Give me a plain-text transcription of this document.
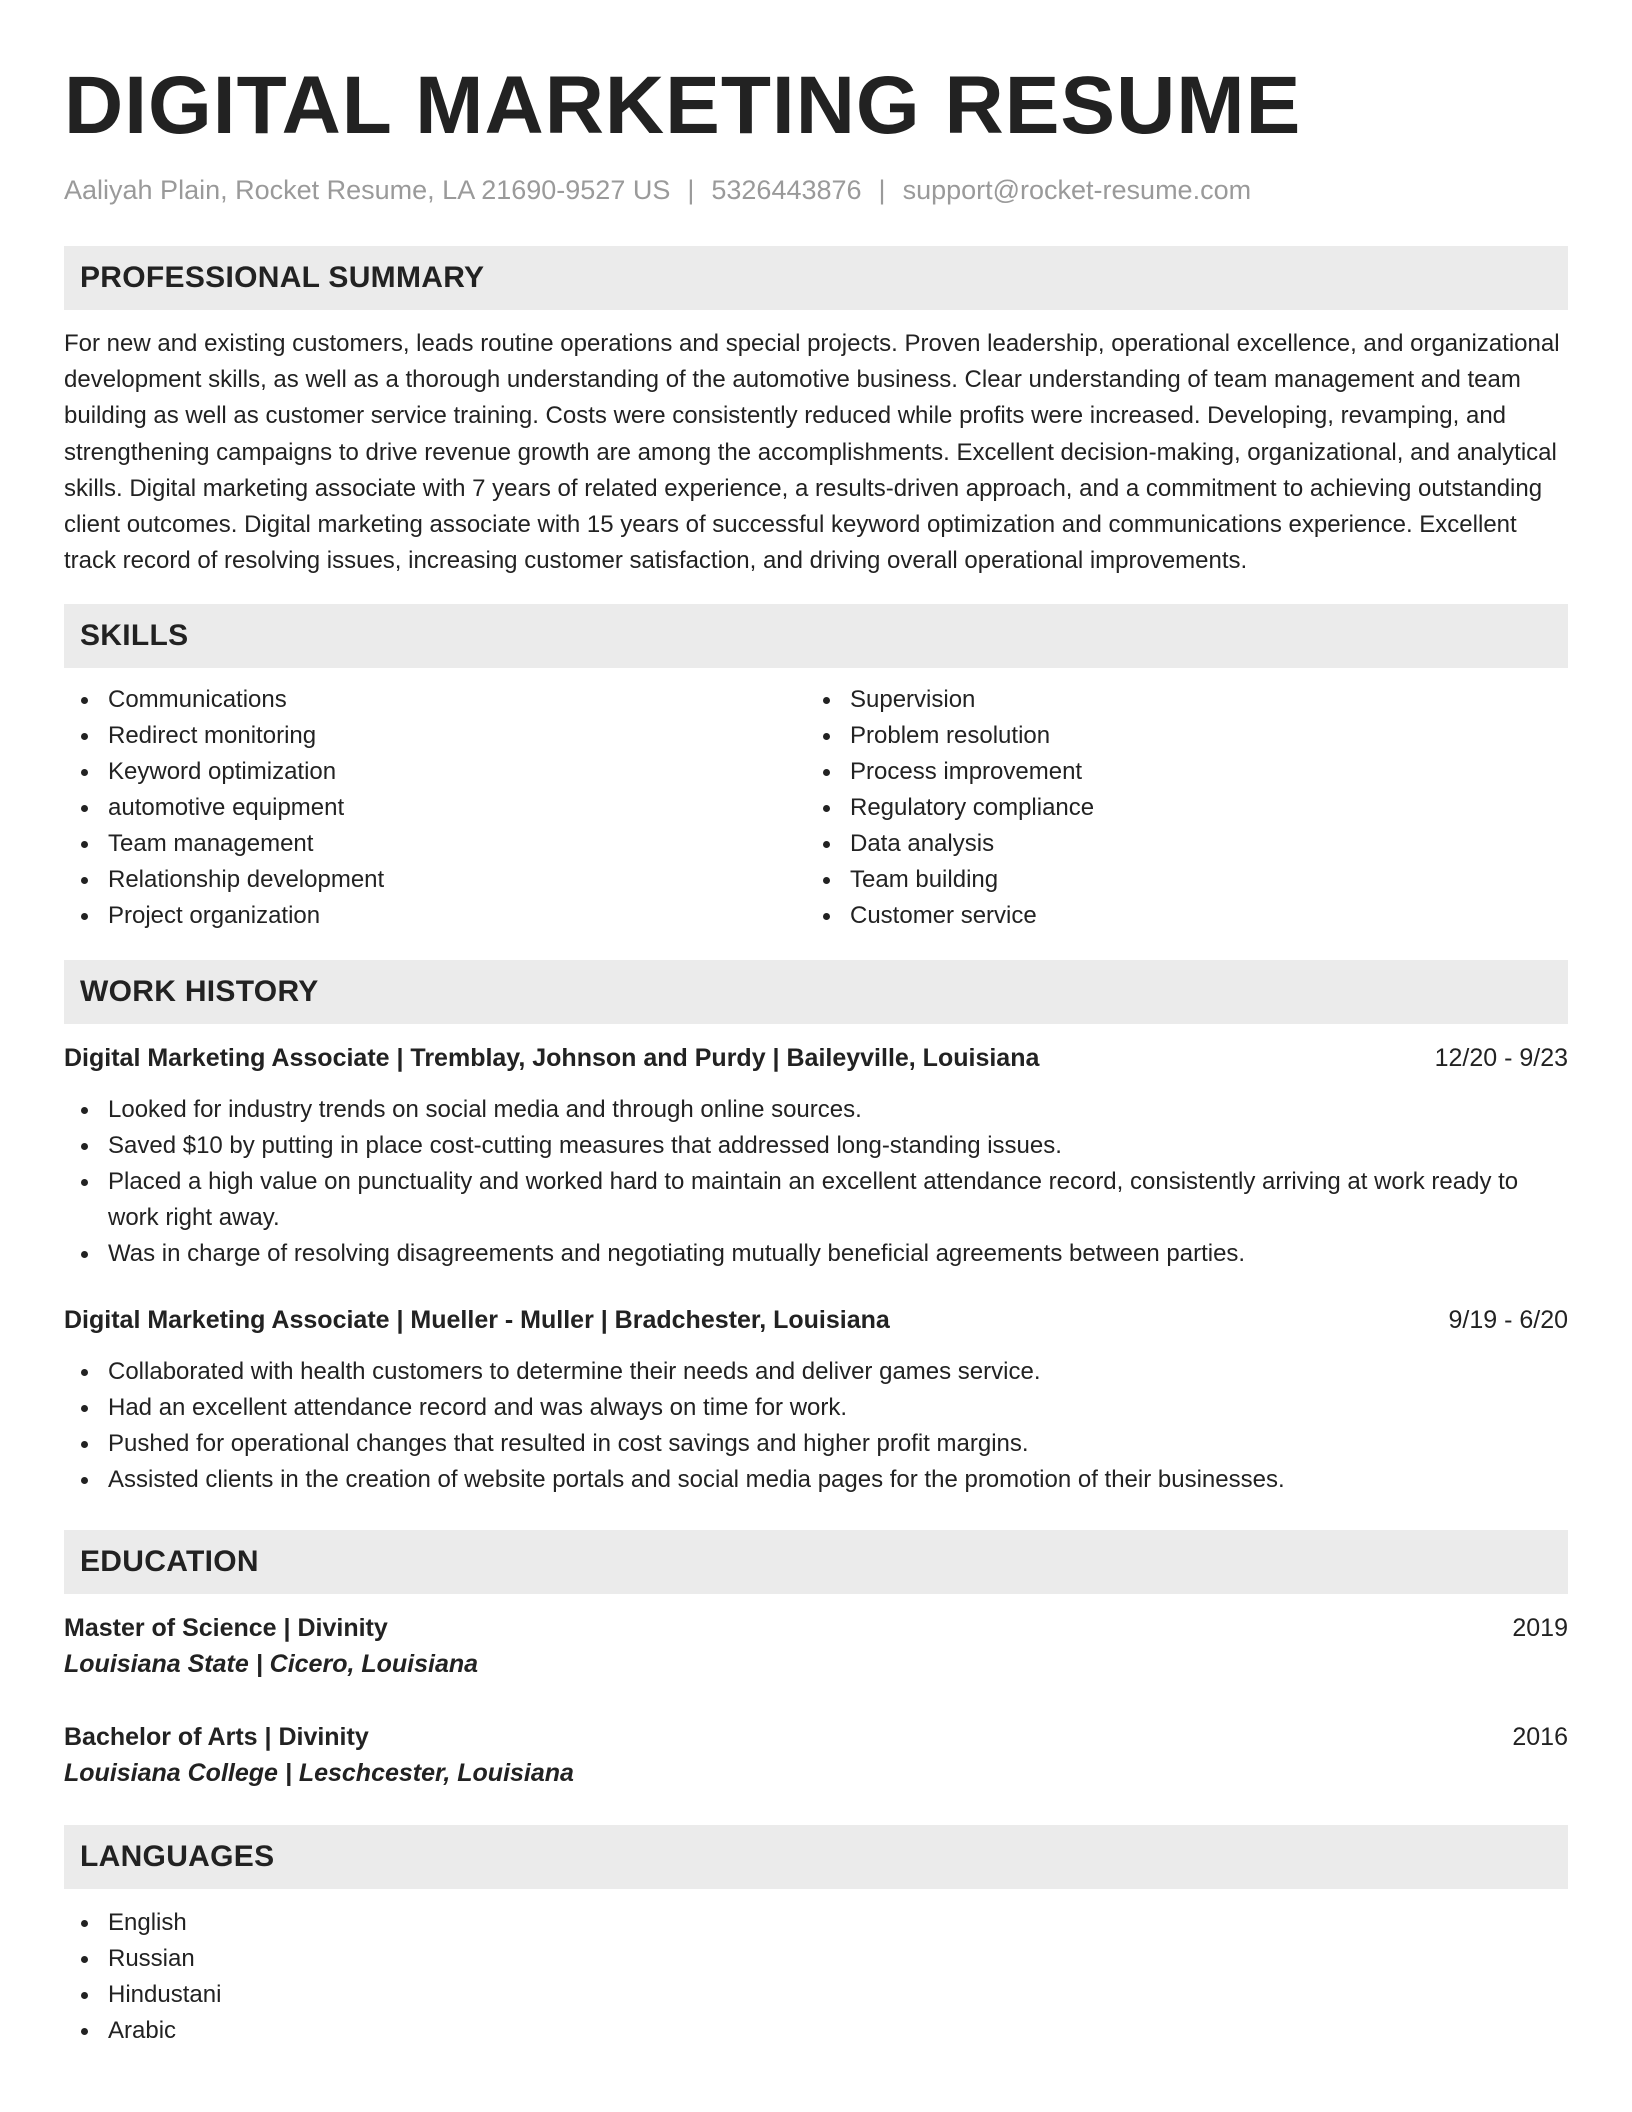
DIGITAL MARKETING RESUME
Aaliyah Plain, Rocket Resume, LA 21690-9527 US | 5326443876 | support@rocket-resume.com
PROFESSIONAL SUMMARY

For new and existing customers, leads routine operations and special projects. Proven leadership, operational excellence, and organizational development skills, as well as a thorough understanding of the automotive business. Clear understanding of team management and team building as well as customer service training. Costs were consistently reduced while profits were increased. Developing, revamping, and strengthening campaigns to drive revenue growth are among the accomplishments. Excellent decision-making, organizational, and analytical skills. Digital marketing associate with 7 years of related experience, a results-driven approach, and a commitment to achieving outstanding client outcomes. Digital marketing associate with 15 years of successful keyword optimization and communications experience. Excellent track record of resolving issues, increasing customer satisfaction, and driving overall operational improvements.

SKILLS
Communications
Redirect monitoring
Keyword optimization
automotive equipment
Team management
Relationship development
Project organization
Supervision
Problem resolution
Process improvement
Regulatory compliance
Data analysis
Team building
Customer service
WORK HISTORY
Digital Marketing Associate | Tremblay, Johnson and Purdy | Baileyville, Louisiana	12/20 - 9/23
Looked for industry trends on social media and through online sources.
Saved $10 by putting in place cost-cutting measures that addressed long-standing issues.
Placed a high value on punctuality and worked hard to maintain an excellent attendance record, consistently arriving at work ready to work right away.
Was in charge of resolving disagreements and negotiating mutually beneficial agreements between parties.
Digital Marketing Associate | Mueller - Muller | Bradchester, Louisiana	9/19 - 6/20
Collaborated with health customers to determine their needs and deliver games service.
Had an excellent attendance record and was always on time for work.
Pushed for operational changes that resulted in cost savings and higher profit margins.
Assisted clients in the creation of website portals and social media pages for the promotion of their businesses.
EDUCATION
Master of Science | Divinity	2019
Louisiana State | Cicero, Louisiana
Bachelor of Arts | Divinity	2016
Louisiana College | Leschcester, Louisiana
LANGUAGES
English
Russian
Hindustani
Arabic
